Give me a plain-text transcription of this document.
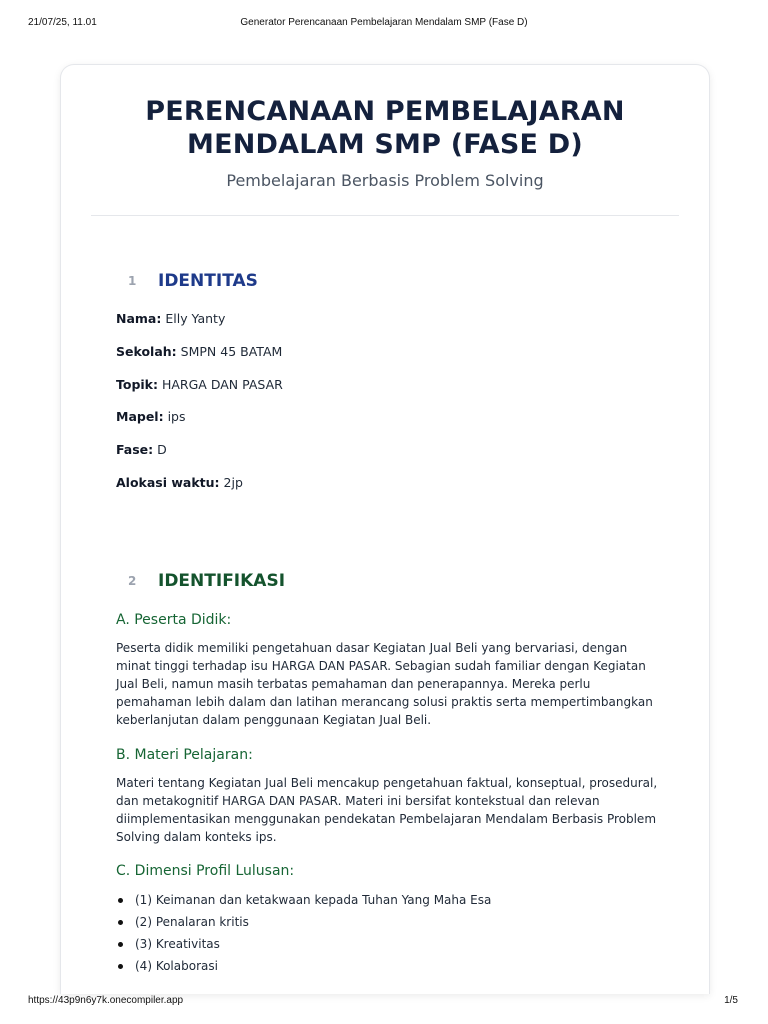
21/07/25, 11.01	Generator Perencanaan Pembelajaran Mendalam SMP (Fase D)
PERENCANAAN PEMBELAJARAN
MENDALAM SMP (FASE D)
Pembelajaran Berbasis Problem Solving
1 IDENTITAS
Nama: Elly Yanty
Sekolah: SMPN 45 BATAM
Topik: HARGA DAN PASAR
Mapel: ips
Fase: D
Alokasi waktu: 2jp
2 IDENTIFIKASI
A. Peserta Didik:

Peserta didik memiliki pengetahuan dasar Kegiatan Jual Beli yang bervariasi, dengan minat tinggi terhadap isu HARGA DAN PASAR. Sebagian sudah familiar dengan Kegiatan Jual Beli, namun masih terbatas pemahaman dan penerapannya. Mereka perlu pemahaman lebih dalam dan latihan merancang solusi praktis serta mempertimbangkan keberlanjutan dalam penggunaan Kegiatan Jual Beli.

B. Materi Pelajaran:

Materi tentang Kegiatan Jual Beli mencakup pengetahuan faktual, konseptual, prosedural, dan metakognitif HARGA DAN PASAR. Materi ini bersifat kontekstual dan relevan diimplementasikan menggunakan pendekatan Pembelajaran Mendalam Berbasis Problem Solving dalam konteks ips.

C. Dimensi Profil Lulusan:
(1) Keimanan dan ketakwaan kepada Tuhan Yang Maha Esa
(2) Penalaran kritis
(3) Kreativitas
(4) Kolaborasi
https://43p9n6y7k.onecompiler.app	1/5
